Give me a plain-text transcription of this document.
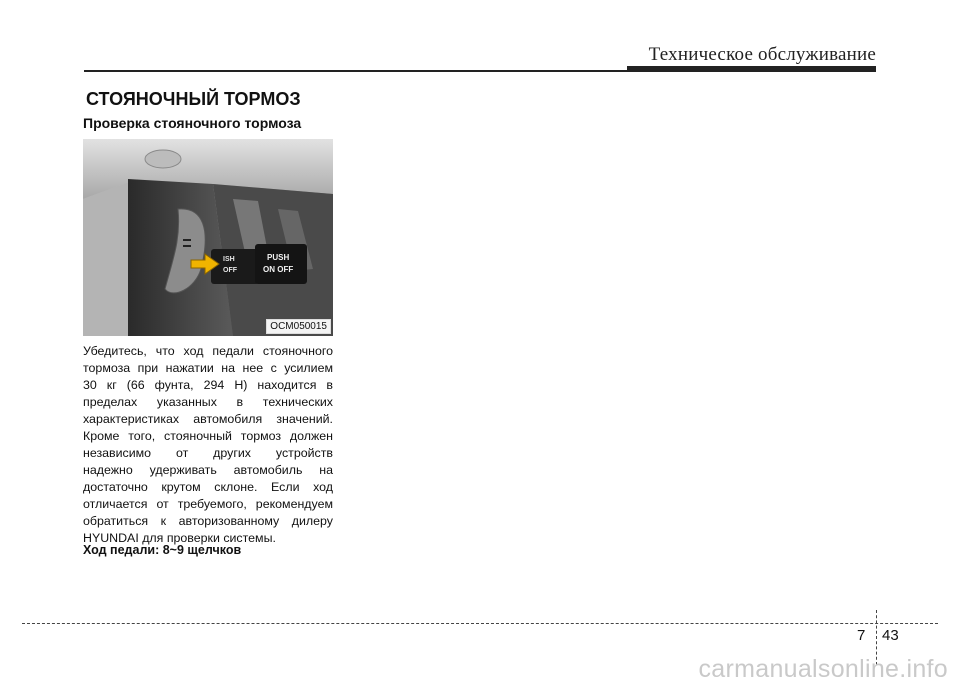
Техническое обслуживание
СТОЯНОЧНЫЙ ТОРМОЗ
Проверка стояночного тормоза
ISH
OFF
PUSH
ON OFF
OCM050015
Убедитесь, что ход педали стояночного
тормоза при нажатии на нее с усилием
30 кг (66 фунта, 294 Н) находится в
пределах указанных в технических
характеристиках автомобиля значений.
Кроме того, стояночный тормоз должен
независимо от других устройств
надежно удерживать автомобиль на
достаточно крутом склоне. Если ход
отличается от требуемого, рекомендуем
обратиться к авторизованному дилеру
HYUNDAI для проверки системы.
Ход педали: 8~9 щелчков
7 43
carmanualsonline.info
